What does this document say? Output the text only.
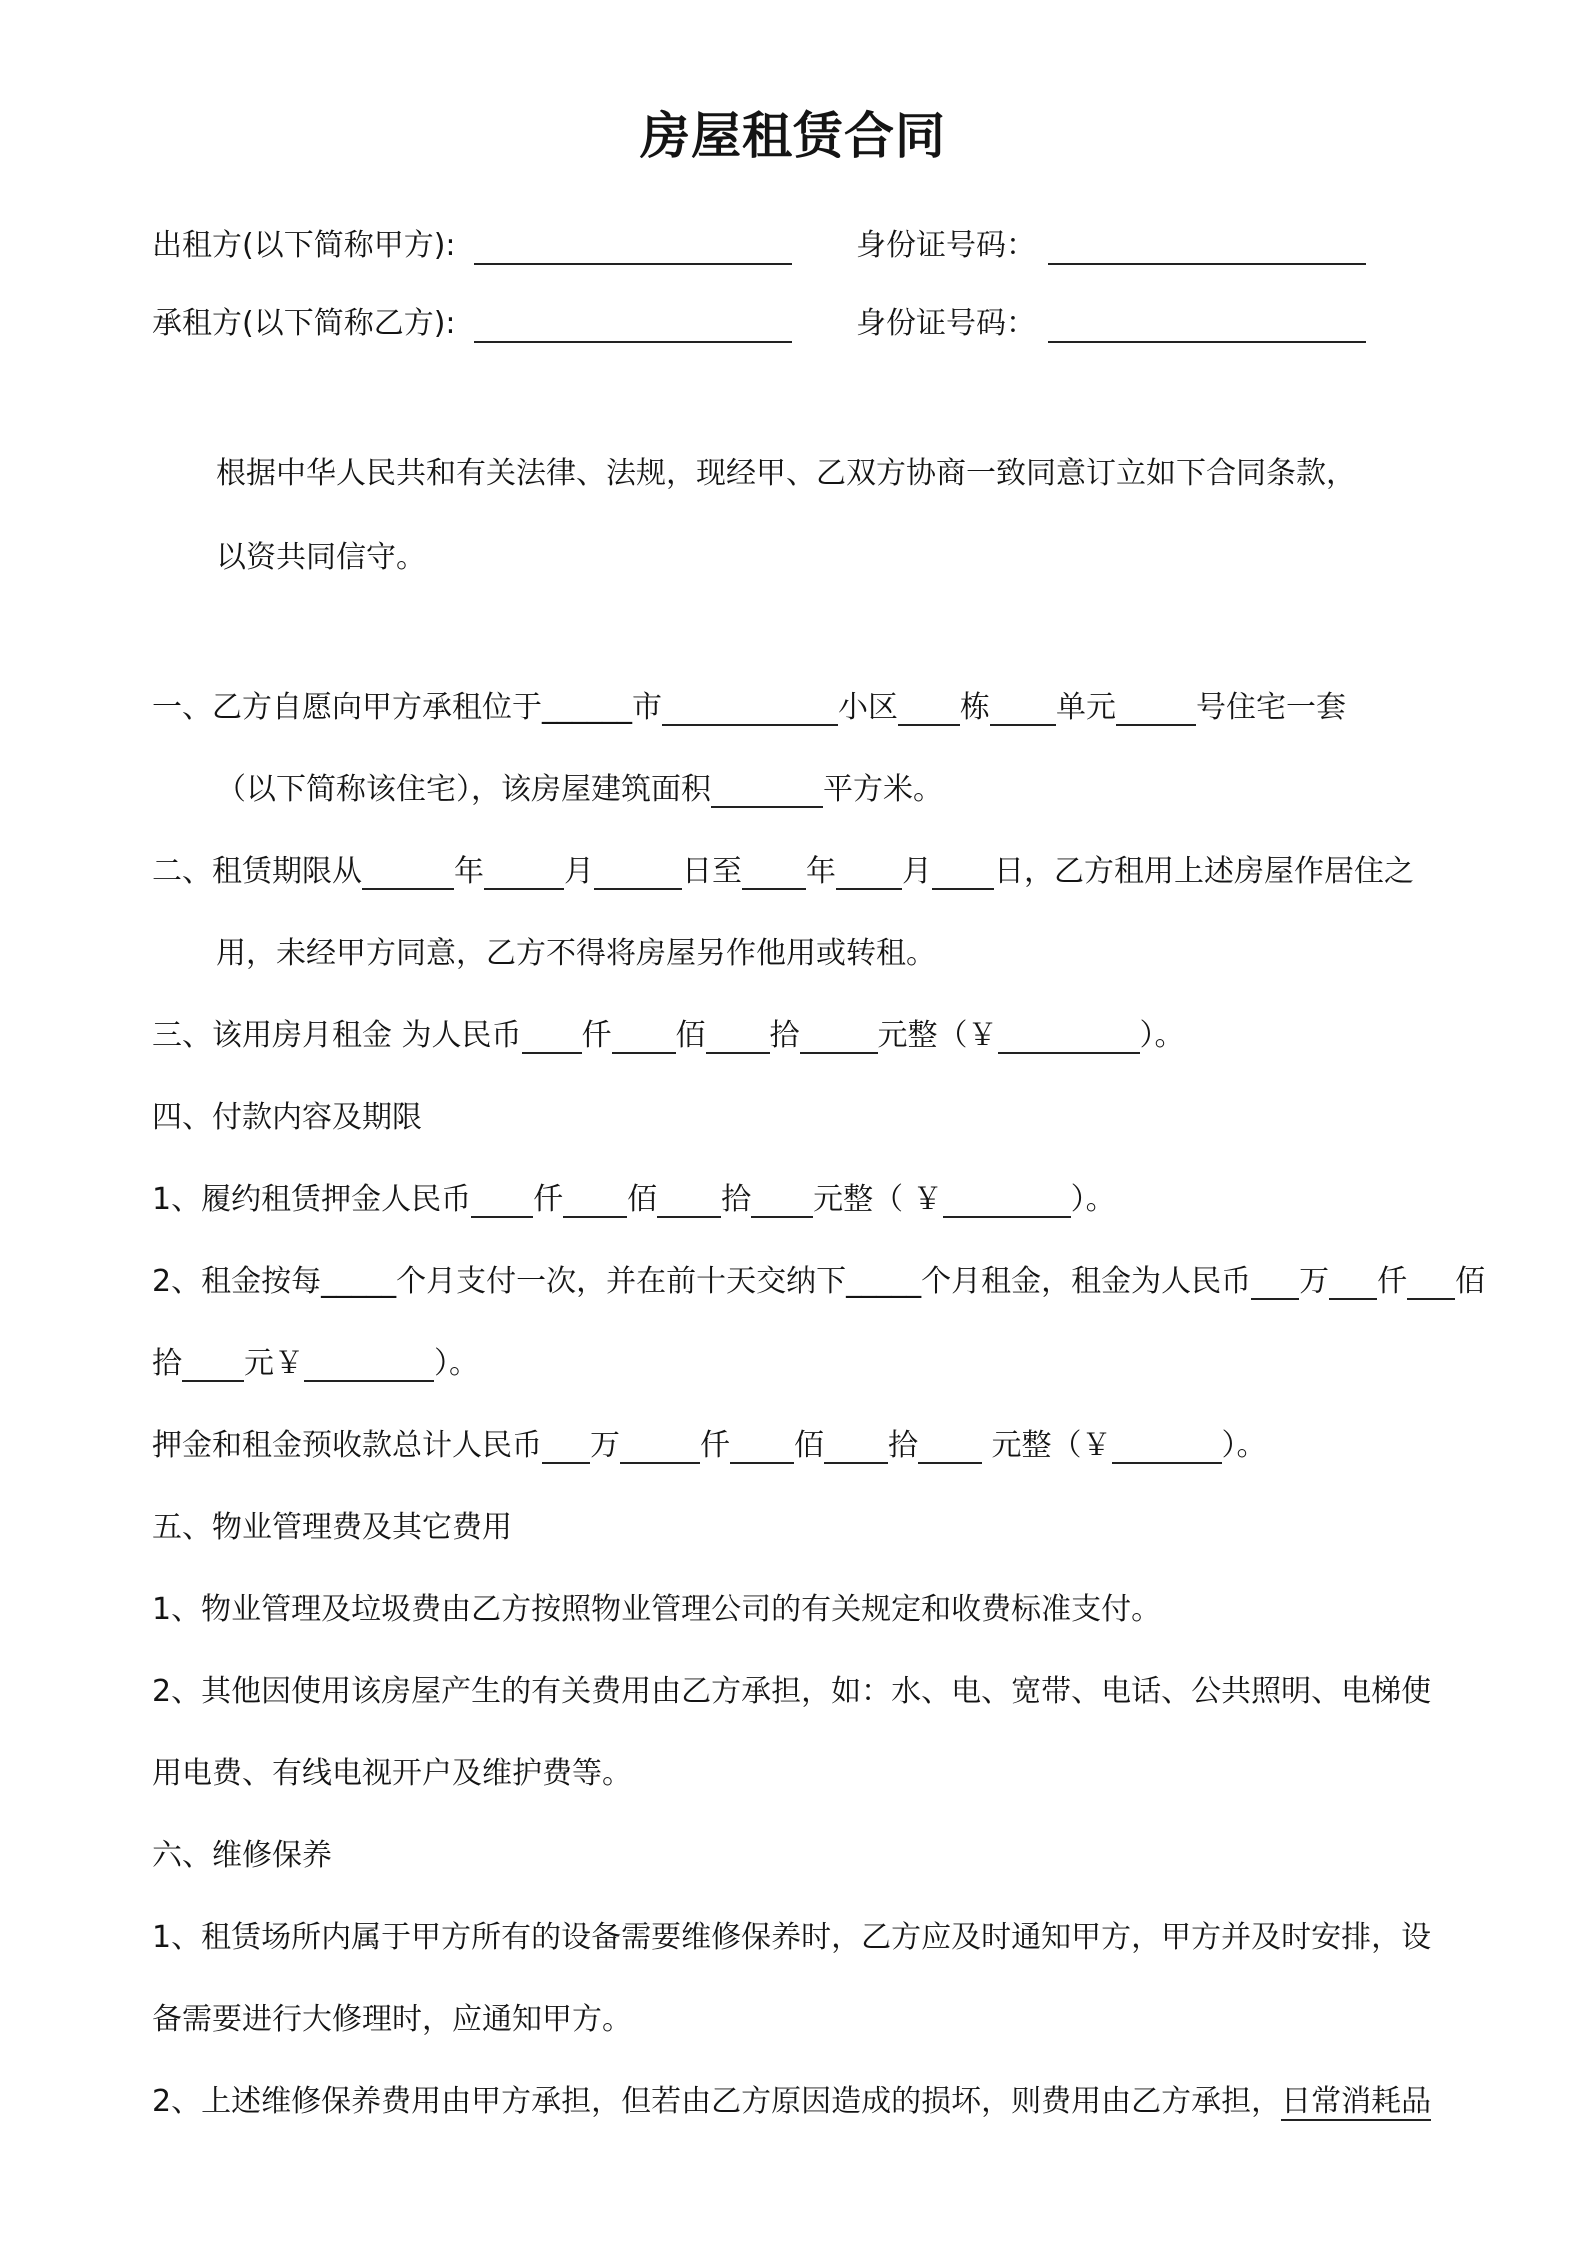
房屋租赁合同
出租方(以下简称甲方):	身份证号码：
承租方(以下简称乙方):	身份证号码：
根据中华人民共和有关法律、法规，现经甲、乙双方协商一致同意订立如下合同条款，
以资共同信守。
一、乙方自愿向甲方承租位于______市	小区 栋 单元	号住宅一套
（以下简称该住宅），该房屋建筑面积	平方米。
二、租赁期限从	年	月	日至 年 月 日，乙方租用上述房屋作居住之
用，未经甲方同意，乙方不得将房屋另作他用或转租。
三、该用房月租金 为人民币 仟 佰 拾	元整（￥	）。
四、付款内容及期限
1、履约租赁押金人民币 仟 佰 拾 元整（ ￥	）。
2、租金按每_____个月支付一次，并在前十天交纳下_____个月租金，租金为人民币 万 仟 佰
拾 元￥	）。
押金和租金预收款总计人民币 万	仟 佰 拾 元整（￥	）。
五、物业管理费及其它费用
1、物业管理及垃圾费由乙方按照物业管理公司的有关规定和收费标准支付。
2、其他因使用该房屋产生的有关费用由乙方承担，如：水、电、宽带、电话、公共照明、电梯使
用电费、有线电视开户及维护费等。
六、维修保养
1、租赁场所内属于甲方所有的设备需要维修保养时，乙方应及时通知甲方，甲方并及时安排，设
备需要进行大修理时，应通知甲方。
2、上述维修保养费用由甲方承担，但若由乙方原因造成的损坏，则费用由乙方承担，日常消耗品
